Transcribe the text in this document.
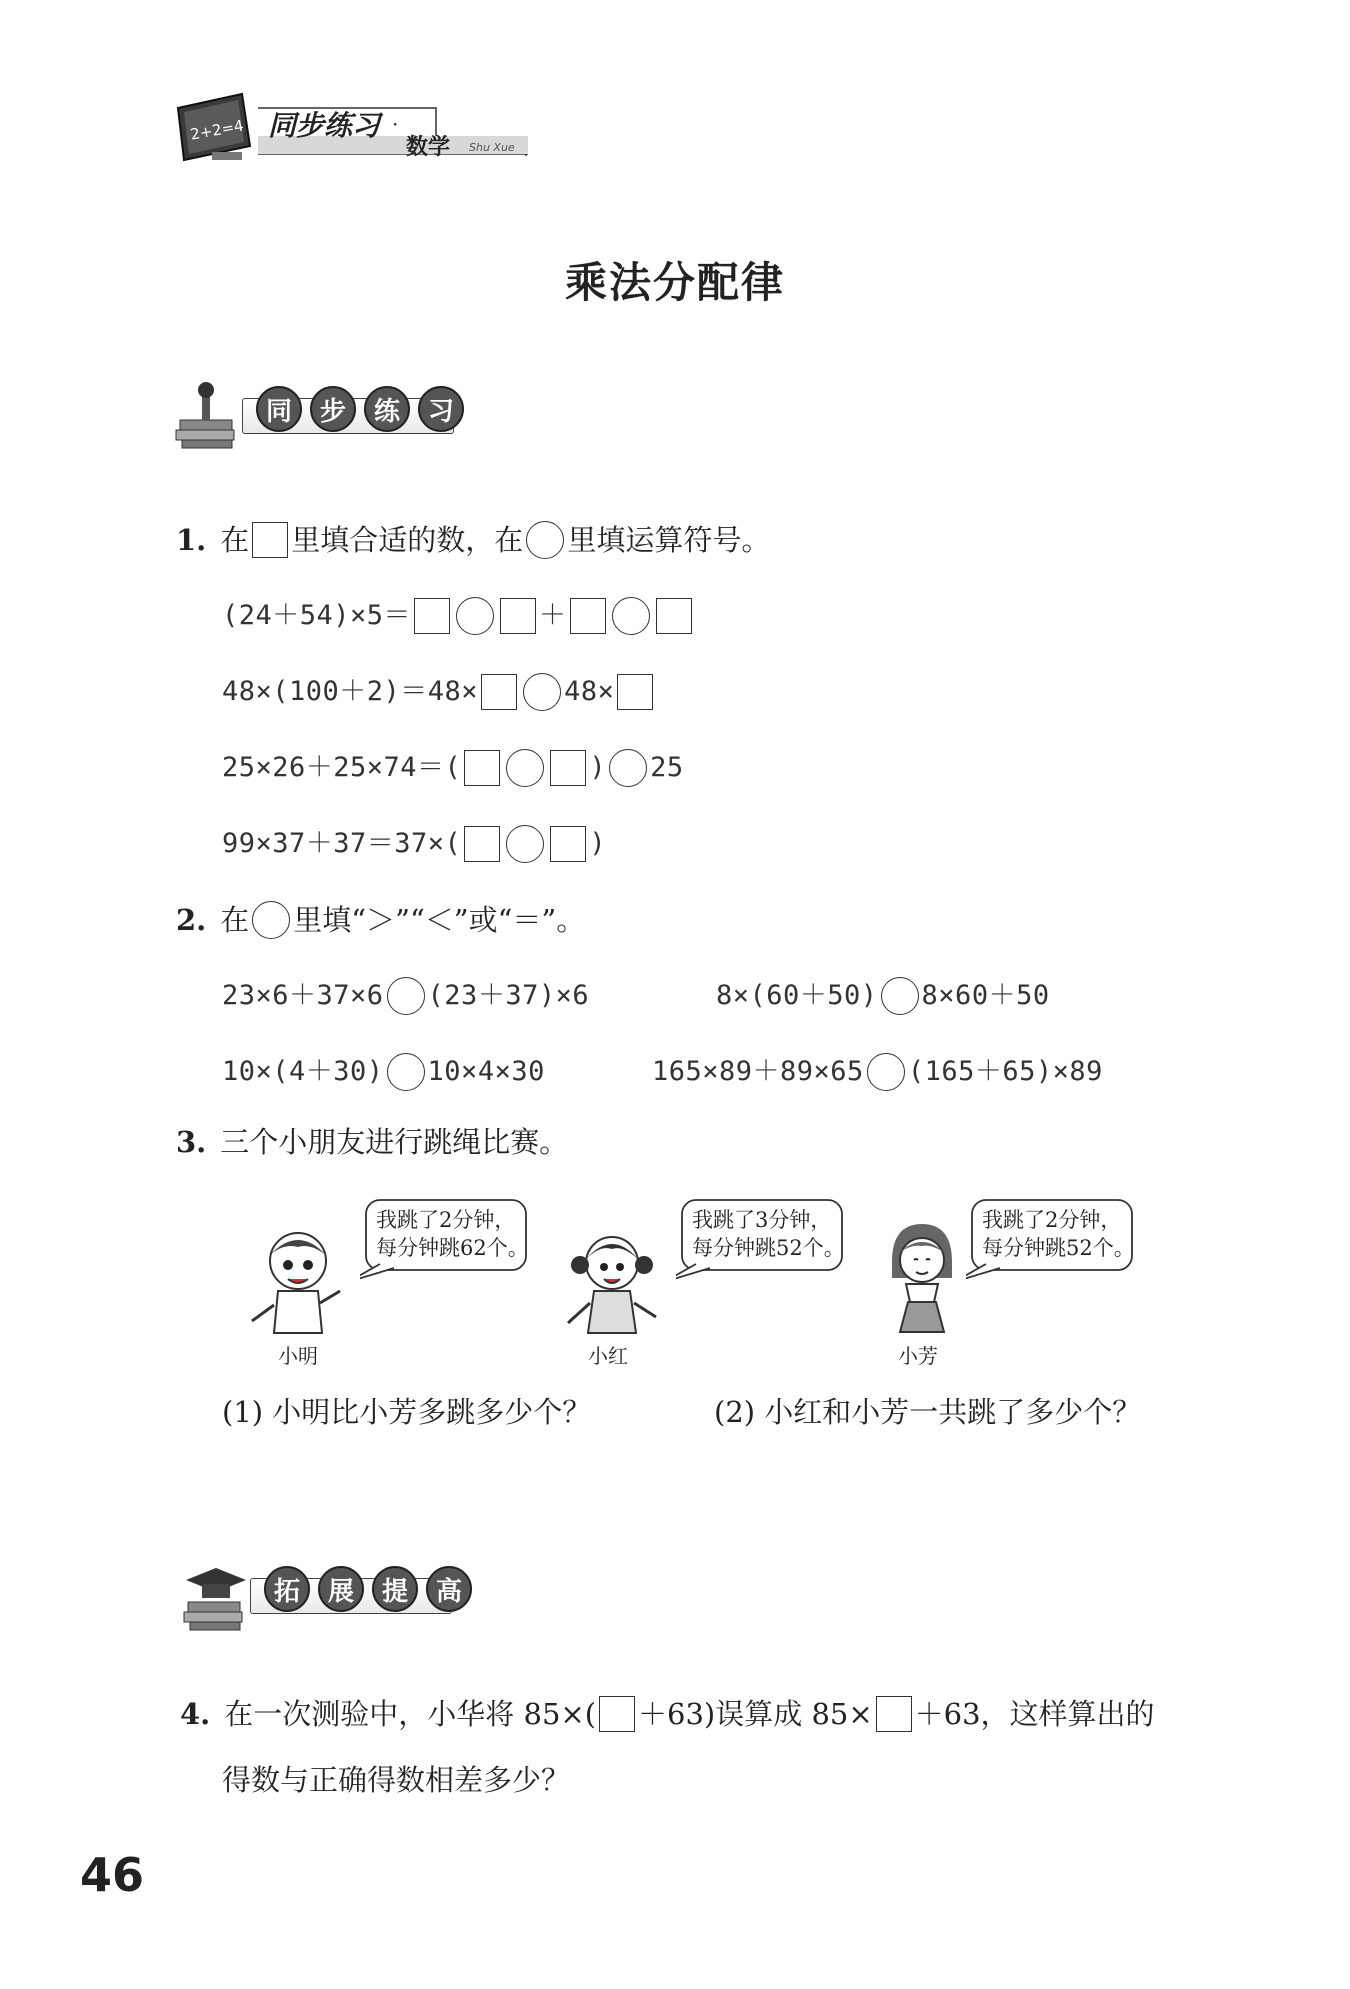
2+2=4 同步练习 ·
数学 Shu Xue
乘法分配律
同	步	练	习
1. 在 里填合适的数，在 里填运算符号。
(24＋54)×5＝	＋
48×(100＋2)＝48×	48×
25×26＋25×74＝(	) 25
99×37＋37＝37×(	)
2. 在 里填“＞”“＜”或“＝”。
23×6＋37×6 (23＋37)×6	8×(60＋50) 8×60＋50
10×(4＋30) 10×4×30	165×89＋89×65 (165＋65)×89
3. 三个小朋友进行跳绳比赛。
我跳了2分钟，
每分钟跳62个。
小明
我跳了3分钟，
每分钟跳52个。
小红
我跳了2分钟，
每分钟跳52个。
小芳
(1) 小明比小芳多跳多少个？	(2) 小红和小芳一共跳了多少个？
拓	展	提	高
4. 在一次测验中，小华将 85×( ＋63)误算成 85× ＋63，这样算出的
得数与正确得数相差多少？
46
